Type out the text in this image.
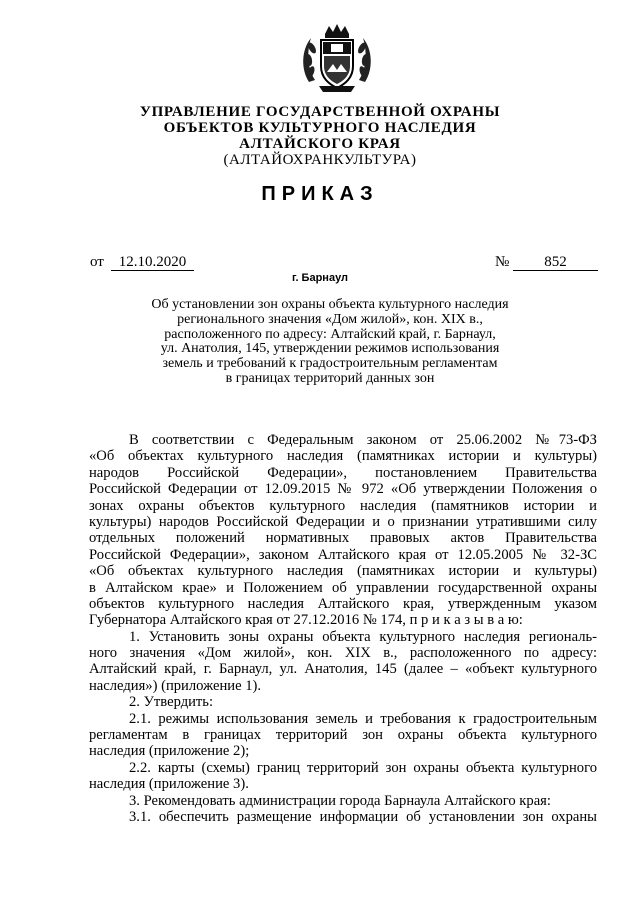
УПРАВЛЕНИЕ ГОСУДАРСТВЕННОЙ ОХРАНЫ
ОБЪЕКТОВ КУЛЬТУРНОГО НАСЛЕДИЯ
АЛТАЙСКОГО КРАЯ
(АЛТАЙОХРАНКУЛЬТУРА)
ПРИКАЗ
от 12.10.2020	№	852
г. Барнаул
Об установлении зон охраны объекта культурного наследия
регионального значения «Дом жилой», кон. XIX в.,
расположенного по адресу: Алтайский край, г. Барнаул,
ул. Анатолия, 145, утверждении режимов использования
земель и требований к градостроительным регламентам
в границах территорий данных зон
В соответствии с Федеральным законом от 25.06.2002 №73-ФЗ
«Об объектах культурного наследия (памятниках истории и культуры)
народов Российской Федерации», постановлением Правительства
Российской Федерации от 12.09.2015 № 972 «Об утверждении Положения о
зонах охраны объектов культурного наследия (памятников истории и
культуры) народов Российской Федерации и о признании утратившими силу
отдельных положений нормативных правовых актов Правительства
Российской Федерации», законом Алтайского края от 12.05.2005 № 32-ЗС
«Об объектах культурного наследия (памятниках истории и культуры)
в Алтайском крае» и Положением об управлении государственной охраны
объектов культурного наследия Алтайского края, утвержденным указом
Губернатора Алтайского края от 27.12.2016 № 174, п р и к а з ы в а ю:
1. Установить зоны охраны объекта культурного наследия региональ-
ного значения «Дом жилой», кон. XIX в., расположенного по адресу:
Алтайский край, г. Барнаул, ул. Анатолия, 145 (далее – «объект культурного
наследия») (приложение 1).
2. Утвердить:
2.1. режимы использования земель и требования к градостроительным
регламентам в границах территорий зон охраны объекта культурного
наследия (приложение 2);
2.2. карты (схемы) границ территорий зон охраны объекта культурного
наследия (приложение 3).
3. Рекомендовать администрации города Барнаула Алтайского края:
3.1. обеспечить размещение информации об установлении зон охраны
